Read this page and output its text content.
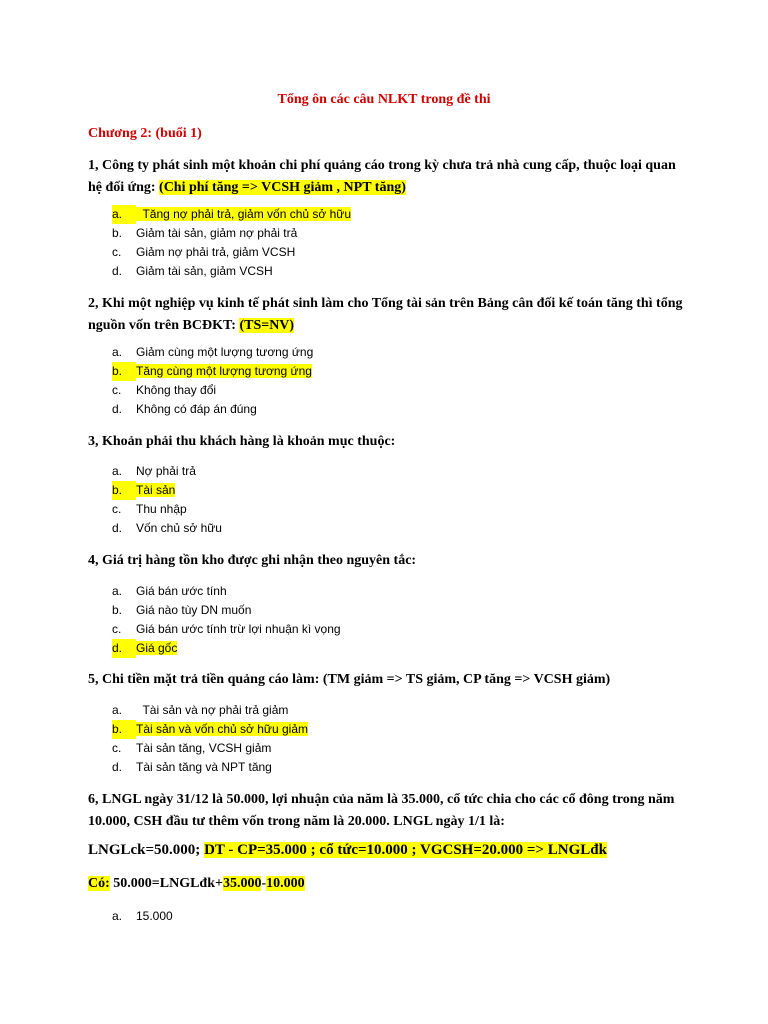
Tổng ôn các câu NLKT trong đề thi
Chương 2: (buổi 1)
1, Công ty phát sinh một khoản chi phí quảng cáo trong kỳ chưa trả nhà cung cấp, thuộc loại quan hệ đối ứng: (Chi phí tăng => VCSH giảm , NPT tăng)
a.  Tăng nợ phải trả, giảm vốn chủ sở hữu
b. Giảm tài sản, giảm nợ phải trả
c. Giảm nợ phải trả, giảm VCSH
d. Giảm tài sản, giảm VCSH
2, Khi một nghiệp vụ kinh tế phát sinh làm cho Tổng tài sản trên Bảng cân đối kế toán tăng thì tổng nguồn vốn trên BCĐKT: (TS=NV)
a. Giảm cùng một lượng tương ứng
b. Tăng cùng một lượng tương ứng
c. Không thay đổi
d. Không có đáp án đúng
3, Khoản phải thu khách hàng là khoản mục thuộc:
a. Nợ phải trả
b. Tài sản
c. Thu nhập
d. Vốn chủ sở hữu
4, Giá trị hàng tồn kho được ghi nhận theo nguyên tắc:
a. Giá bán ước tính
b. Giá nào tùy DN muốn
c. Giá bán ước tính trừ lợi nhuận kì vọng
d. Giá gốc
5, Chi tiền mặt trả tiền quảng cáo làm: (TM giảm => TS giảm, CP tăng => VCSH giảm)
a.  Tài sản và nợ phải trả giảm
b. Tài sản và vốn chủ sở hữu giảm
c. Tài sản tăng, VCSH giảm
d. Tài sản tăng và NPT tăng
6, LNGL ngày 31/12 là 50.000, lợi nhuận của năm là 35.000, cổ tức chia cho các cổ đông trong năm 10.000, CSH đầu tư thêm vốn trong năm là 20.000. LNGL ngày 1/1 là:
LNGLck=50.000; DT - CP=35.000 ; cổ tức=10.000 ; VGCSH=20.000 => LNGLđk
Có: 50.000=LNGLđk+35.000-10.000
a. 15.000
